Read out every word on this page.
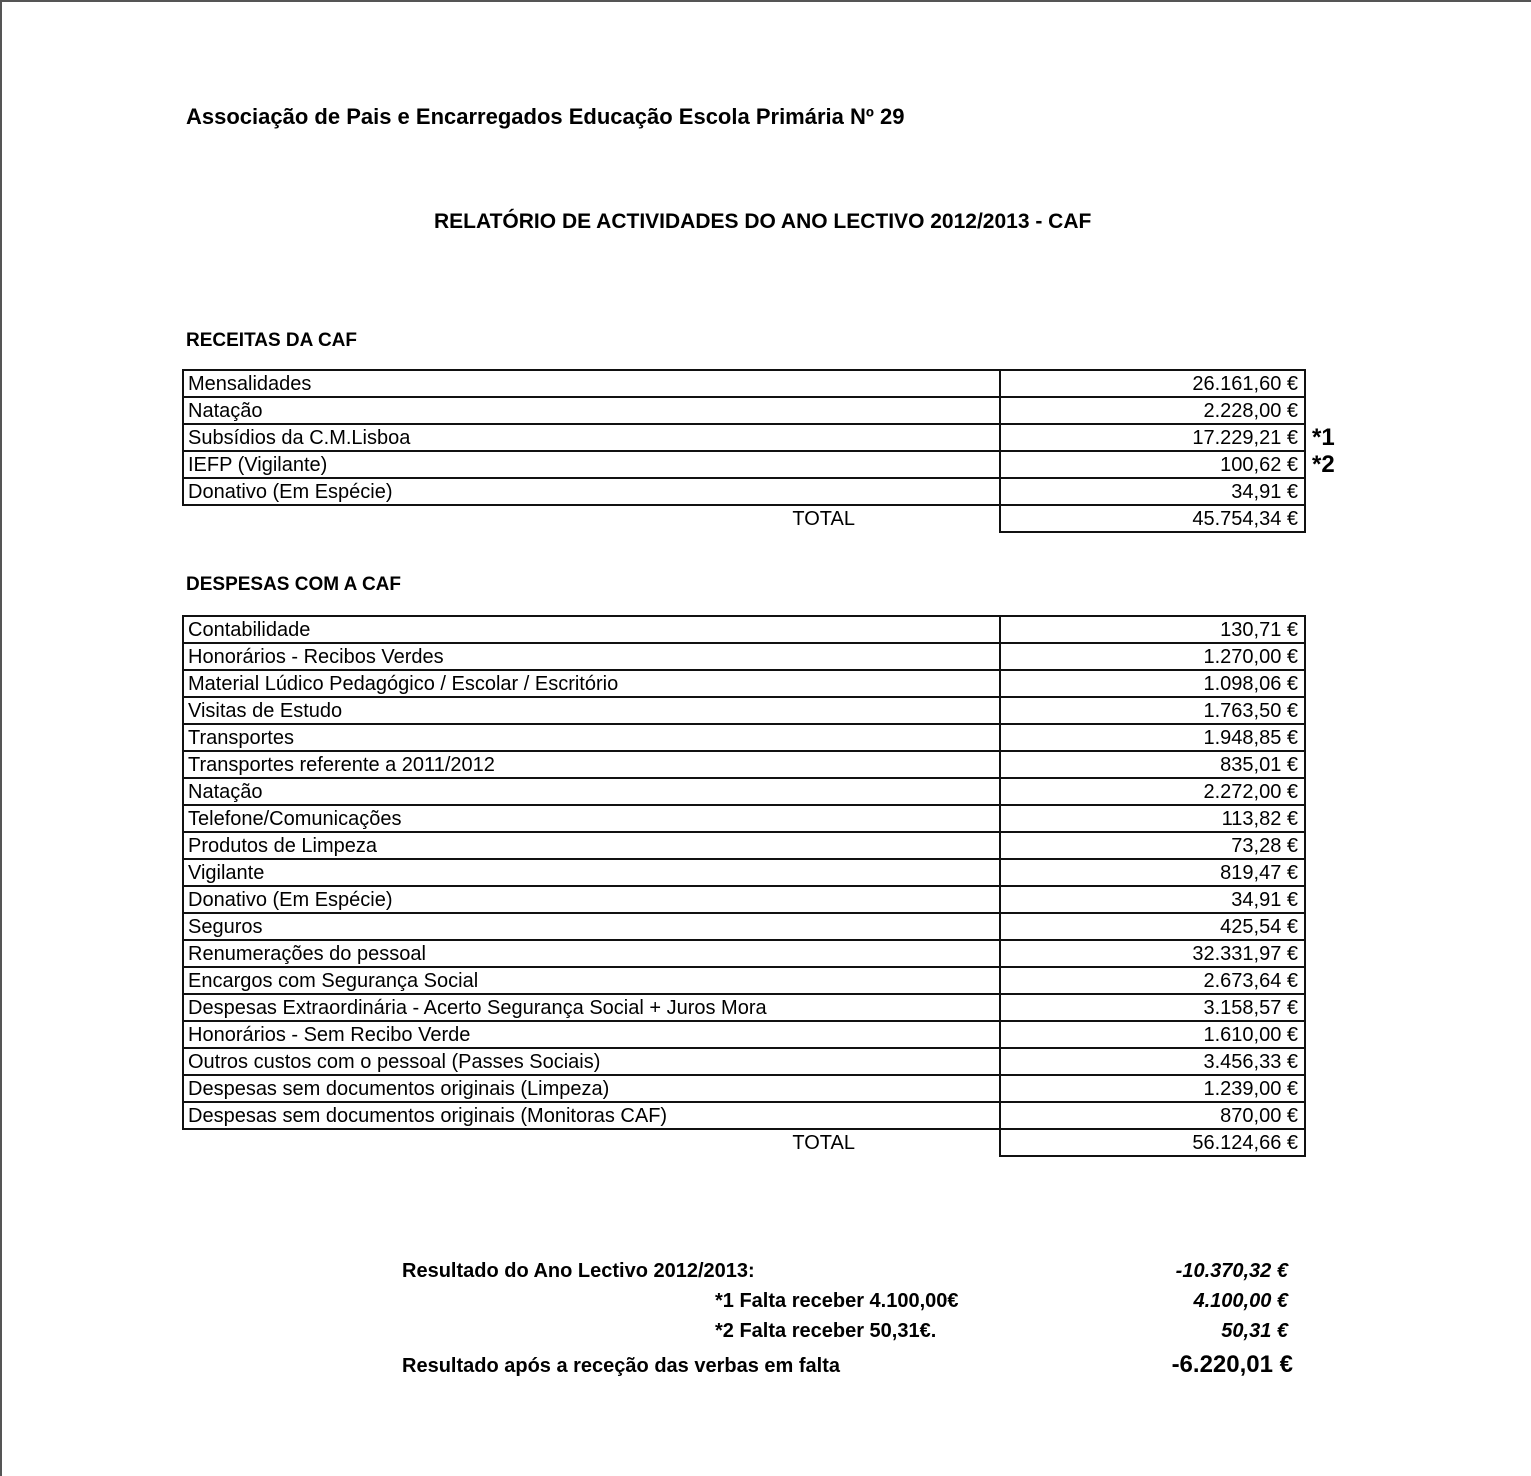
Associação de Pais e Encarregados Educação Escola Primária Nº 29
RELATÓRIO DE ACTIVIDADES DO ANO LECTIVO 2012/2013 - CAF
RECEITAS DA CAF
Mensalidades	26.161,60 €	
Natação	2.228,00 €	
Subsídios da C.M.Lisboa	17.229,21 €	*1
IEFP (Vigilante)	100,62 €	*2
Donativo (Em Espécie)	34,91 €	
TOTAL	45.754,34 €	
DESPESAS COM A CAF
Contabilidade	130,71 €	
Honorários - Recibos Verdes	1.270,00 €	
Material Lúdico Pedagógico / Escolar / Escritório	1.098,06 €	
Visitas de Estudo	1.763,50 €	
Transportes	1.948,85 €	
Transportes referente a 2011/2012	835,01 €	
Natação	2.272,00 €	
Telefone/Comunicações	113,82 €	
Produtos de Limpeza	73,28 €	
Vigilante	819,47 €	
Donativo (Em Espécie)	34,91 €	
Seguros	425,54 €	
Renumerações do pessoal	32.331,97 €	
Encargos com Segurança Social	2.673,64 €	
Despesas Extraordinária - Acerto Segurança Social + Juros Mora	3.158,57 €	
Honorários - Sem Recibo Verde	1.610,00 €	
Outros custos com o pessoal (Passes Sociais)	3.456,33 €	
Despesas sem documentos originais (Limpeza)	1.239,00 €	
Despesas sem documentos originais (Monitoras CAF)	870,00 €	
TOTAL	56.124,66 €	
Resultado do Ano Lectivo 2012/2013:	-10.370,32 €
*1 Falta receber 4.100,00€	4.100,00 €
*2 Falta receber 50,31€.	50,31 €
Resultado após a receção das verbas em falta	-6.220,01 €
